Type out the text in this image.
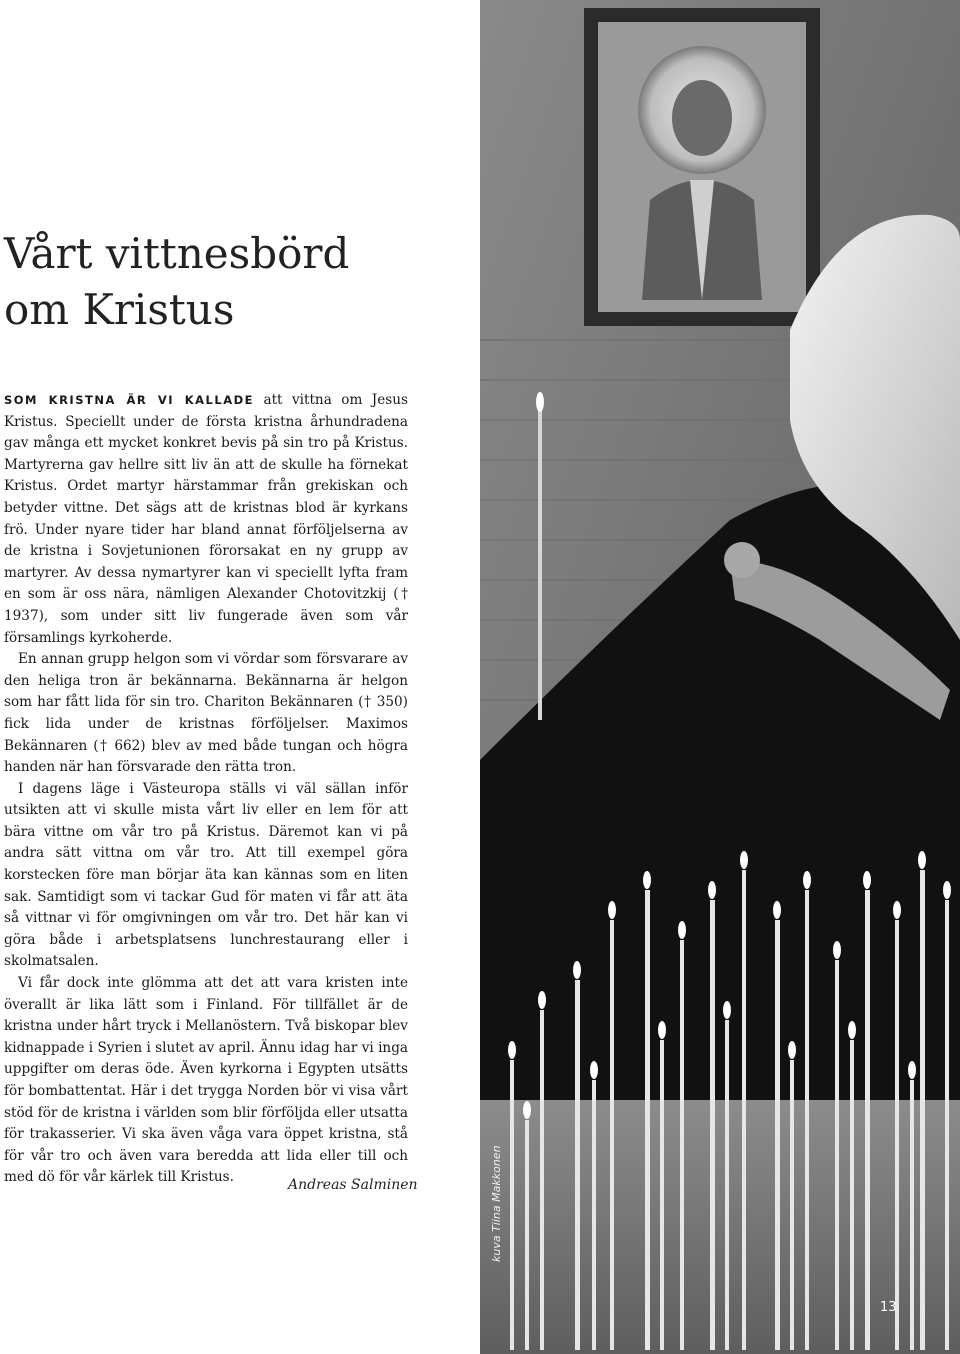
Vårt vittnesbörd
om Kristus

SOM KRISTNA ÄR VI KALLADE att vittna om Jesus Kristus. Speciellt under de första kristna århundradena gav många ett mycket konkret bevis på sin tro på Kristus. Martyrerna gav hellre sitt liv än att de skulle ha förnekat Kristus. Ordet martyr härstammar från grekiskan och betyder vittne. Det sägs att de kristnas blod är kyrkans frö. Under nyare tider har bland annat förföljelserna av de kristna i Sovjetunionen förorsakat en ny grupp av martyrer. Av dessa nymartyrer kan vi speciellt lyfta fram en som är oss nära, nämligen Alexander Chotovitzkij († 1937), som under sitt liv fungerade även som vår församlings kyrkoherde.

En annan grupp helgon som vi vördar som försvarare av den heliga tron är bekännarna. Bekännarna är helgon som har fått lida för sin tro. Chariton Bekännaren († 350) fick lida under de kristnas förföljelser. Maximos Bekännaren († 662) blev av med både tungan och högra handen när han försvarade den rätta tron.

I dagens läge i Västeuropa ställs vi väl sällan inför utsikten att vi skulle mista vårt liv eller en lem för att bära vittne om vår tro på Kristus. Däremot kan vi på andra sätt vittna om vår tro. Att till exempel göra korstecken före man börjar äta kan kännas som en liten sak. Samtidigt som vi tackar Gud för maten vi får att äta så vittnar vi för omgivningen om vår tro. Det här kan vi göra både i arbetsplatsens lunchrestaurang eller i skolmatsalen.

Vi får dock inte glömma att det att vara kristen inte överallt är lika lätt som i Finland. För tillfället är de kristna under hårt tryck i Mellanöstern. Två biskopar blev kidnappade i Syrien i slutet av april. Ännu idag har vi inga uppgifter om deras öde. Även kyrkorna i Egypten utsätts för bombattentat. Här i det trygga Norden bör vi visa vårt stöd för de kristna i världen som blir förföljda eller utsatta för trakasserier. Vi ska även våga vara öppet kristna, stå för vår tro och även vara beredda att lida eller till och med dö för vår kärlek till Kristus.	Andreas Salminen	kuva Tiina Makkonen
13
